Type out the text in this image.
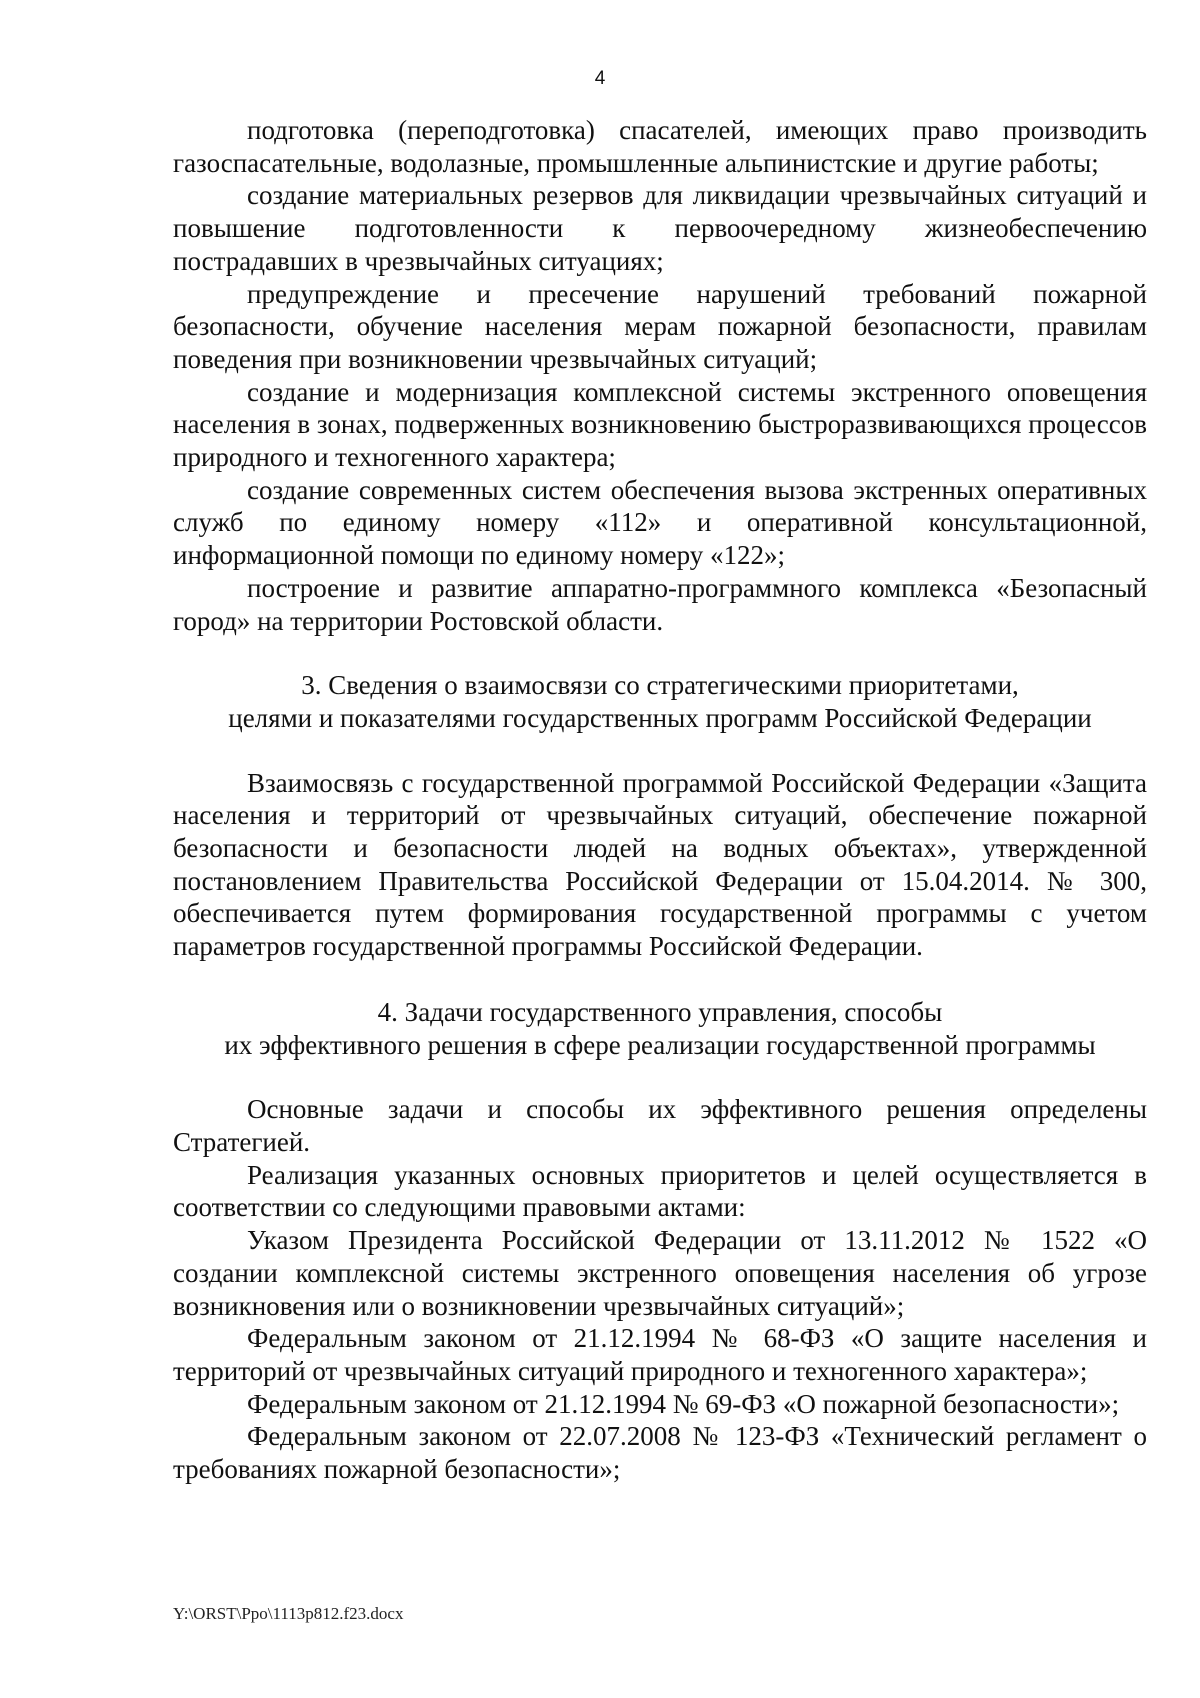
4

подготовка (переподготовка) спасателей, имеющих право производить газоспасательные, водолазные, промышленные альпинистские и другие работы;

создание материальных резервов для ликвидации чрезвычайных ситуаций и повышение подготовленности к первоочередному жизнеобеспечению пострадавших в чрезвычайных ситуациях;

предупреждение и пресечение нарушений требований пожарной безопасности, обучение населения мерам пожарной безопасности, правилам поведения при возникновении чрезвычайных ситуаций;

создание и модернизация комплексной системы экстренного оповещения населения в зонах, подверженных возникновению быстроразвивающихся процессов природного и техногенного характера;

создание современных систем обеспечения вызова экстренных оперативных служб по единому номеру «112» и оперативной консультационной, информационной помощи по единому номеру «122»;

построение и развитие аппаратно-программного комплекса «Безопасный город» на территории Ростовской области.

3. Сведения о взаимосвязи со стратегическими приоритетами,
целями и показателями государственных программ Российской Федерации

Взаимосвязь с государственной программой Российской Федерации «Защита населения и территорий от чрезвычайных ситуаций, обеспечение пожарной безопасности и безопасности людей на водных объектах», утвержденной постановлением Правительства Российской Федерации от 15.04.2014. № 300, обеспечивается путем формирования государственной программы с учетом параметров государственной программы Российской Федерации.

4. Задачи государственного управления, способы
их эффективного решения в сфере реализации государственной программы

Основные задачи и способы их эффективного решения определены Стратегией.

Реализация указанных основных приоритетов и целей осуществляется в соответствии со следующими правовыми актами:

Указом Президента Российской Федерации от 13.11.2012 № 1522 «О создании комплексной системы экстренного оповещения населения об угрозе возникновения или о возникновении чрезвычайных ситуаций»;

Федеральным законом от 21.12.1994 № 68-ФЗ «О защите населения и территорий от чрезвычайных ситуаций природного и техногенного характера»;

Федеральным законом от 21.12.1994 № 69-ФЗ «О пожарной безопасности»;

Федеральным законом от 22.07.2008 № 123-ФЗ «Технический регламент о требованиях пожарной безопасности»;

Y:\ORST\Ppo\1113p812.f23.docx
